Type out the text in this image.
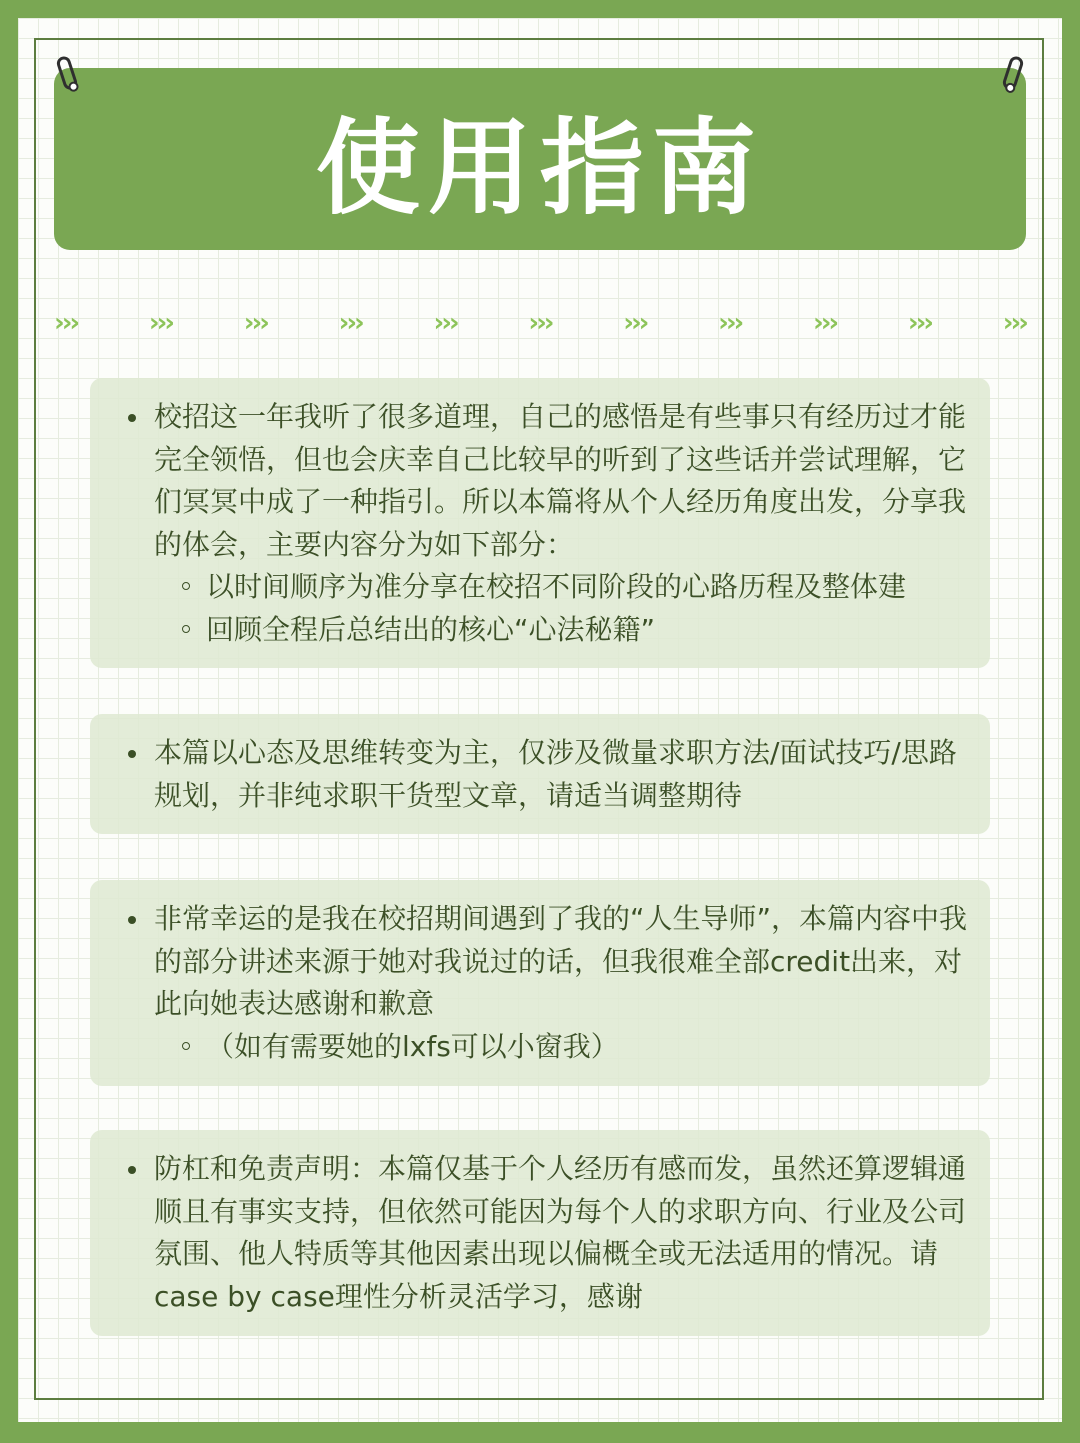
使用指南
›››	›››	›››	›››	›››	›››	›››	›››	›››	›››	›››
校招这一年我听了很多道理，自己的感悟是有些事只有经历过才能完全领悟，但也会庆幸自己比较早的听到了这些话并尝试理解，它们冥冥中成了一种指引。所以本篇将从个人经历角度出发，分享我的体会，主要内容分为如下部分：
以时间顺序为准分享在校招不同阶段的心路历程及整体建
回顾全程后总结出的核心“心法秘籍”
本篇以心态及思维转变为主，仅涉及微量求职方法/面试技巧/思路规划，并非纯求职干货型文章，请适当调整期待
非常幸运的是我在校招期间遇到了我的“人生导师”，本篇内容中我的部分讲述来源于她对我说过的话，但我很难全部credit出来，对此向她表达感谢和歉意
（如有需要她的lxfs可以小窗我）
防杠和免责声明：本篇仅基于个人经历有感而发，虽然还算逻辑通顺且有事实支持，但依然可能因为每个人的求职方向、行业及公司氛围、他人特质等其他因素出现以偏概全或无法适用的情况。请case by case理性分析灵活学习，感谢
